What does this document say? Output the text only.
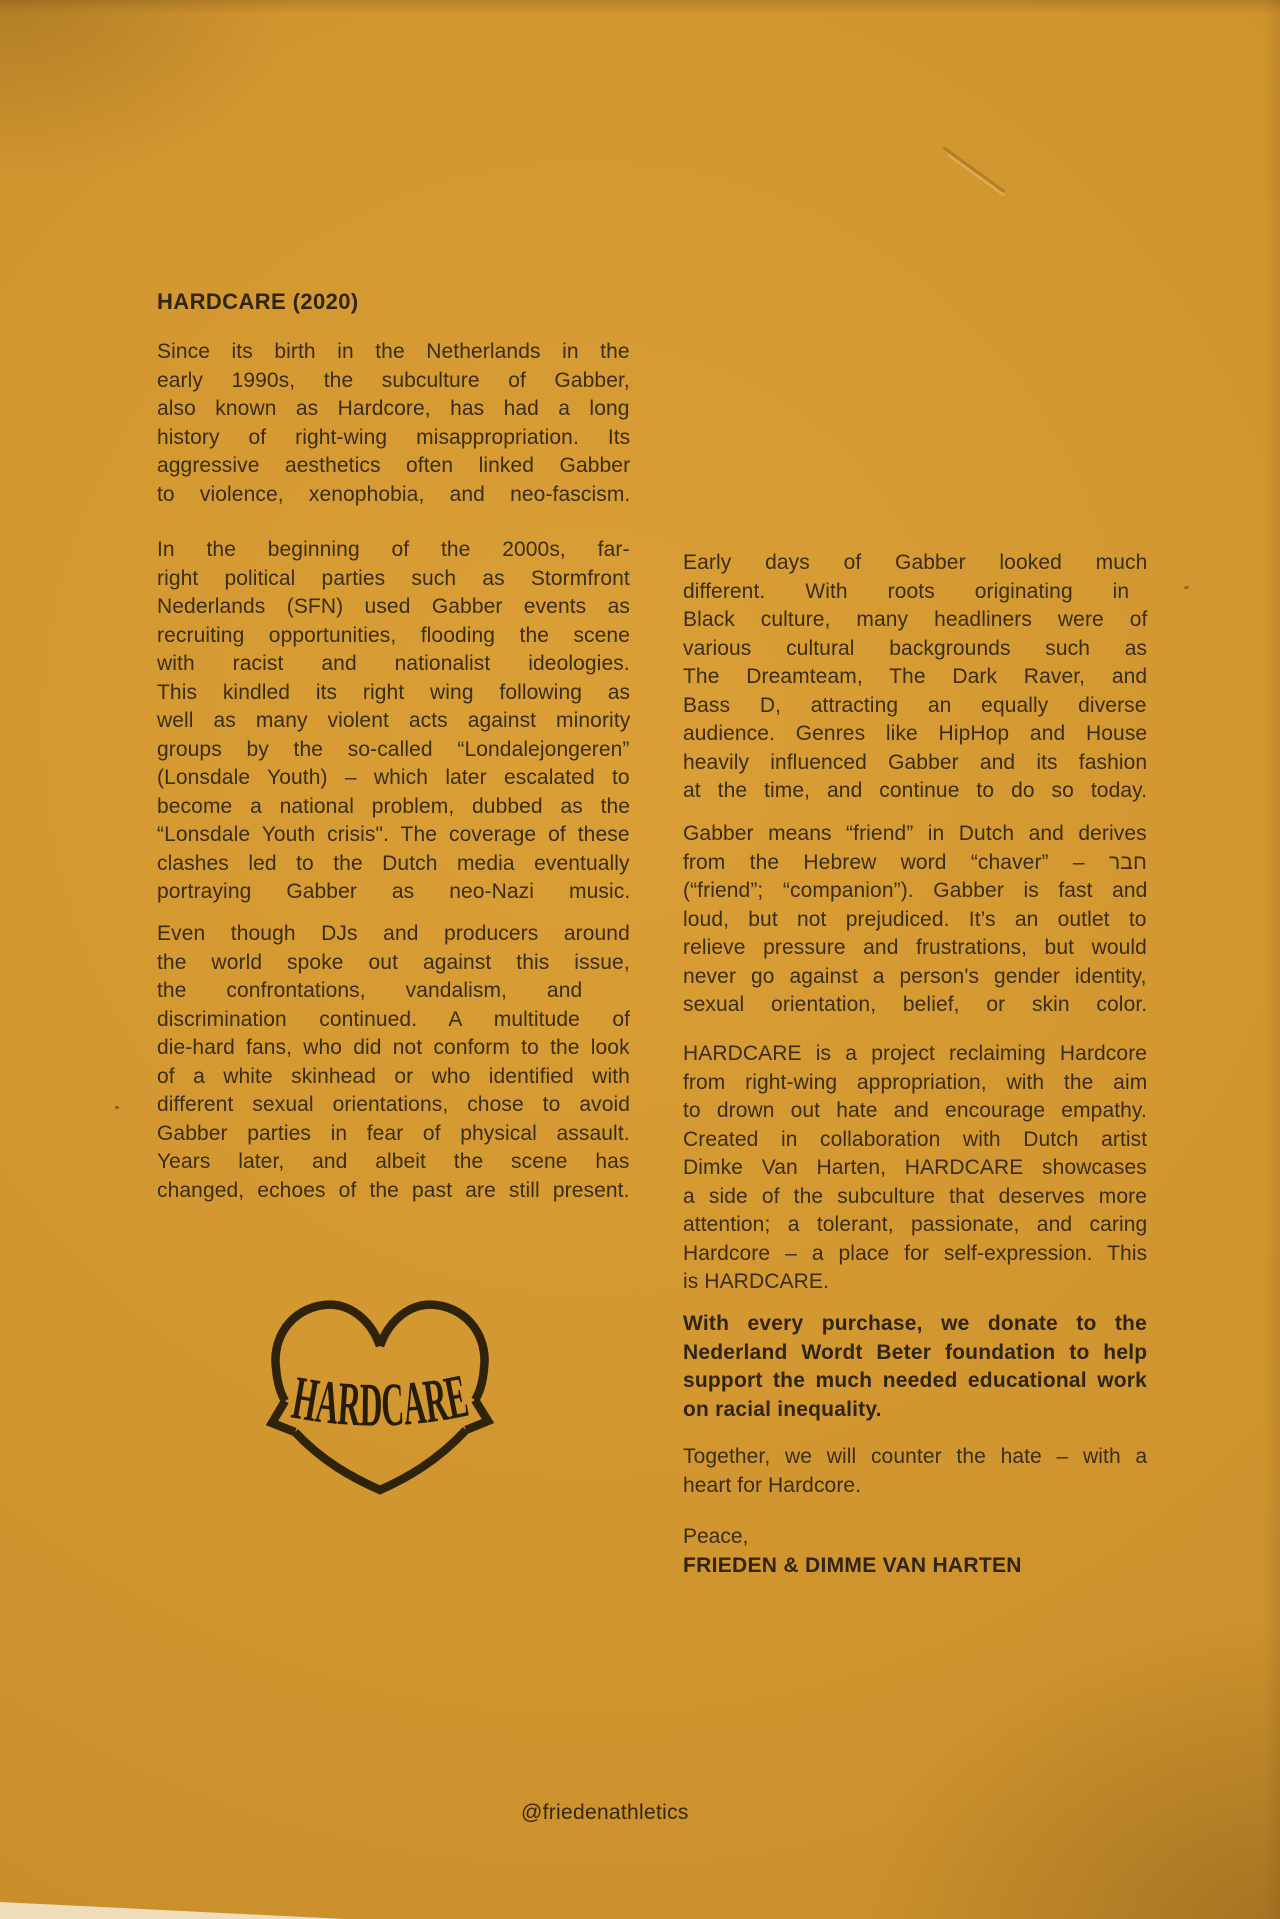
HARDCARE (2020)
Since its birth in the Netherlands in the
early 1990s, the subculture of Gabber,
also known as Hardcore, has had a long
history of right-wing misappropriation. Its
aggressive aesthetics often linked Gabber
to violence, xenophobia, and neo-fascism.
In the beginning of the 2000s, far-
right political parties such as Stormfront
Nederlands (SFN) used Gabber events as
recruiting opportunities, flooding the scene
with racist and nationalist ideologies.
This kindled its right wing following as
well as many violent acts against minority
groups by the so-called “Londalejongeren”
(Lonsdale Youth) – which later escalated to
become a national problem, dubbed as the
“Lonsdale Youth crisis". The coverage of these
clashes led to the Dutch media eventually
portraying Gabber as neo-Nazi music.
Even though DJs and producers around
the world spoke out against this issue,
the confrontations, vandalism, and
discrimination continued. A multitude of
die-hard fans, who did not conform to the look
of a white skinhead or who identified with
different sexual orientations, chose to avoid
Gabber parties in fear of physical assault.
Years later, and albeit the scene has
changed, echoes of the past are still present.
Early days of Gabber looked much
different. With roots originating in
Black culture, many headliners were of
various cultural backgrounds such as
The Dreamteam, The Dark Raver, and
Bass D, attracting an equally diverse
audience. Genres like HipHop and House
heavily influenced Gabber and its fashion
at the time, and continue to do so today.
Gabber means “friend” in Dutch and derives
from the Hebrew word “chaver” – חבר
(“friend”; “companion”). Gabber is fast and
loud, but not prejudiced. It’s an outlet to
relieve pressure and frustrations, but would
never go against a person's gender identity,
sexual orientation, belief, or skin color.
HARDCARE is a project reclaiming Hardcore
from right-wing appropriation, with the aim
to drown out hate and encourage empathy.
Created in collaboration with Dutch artist
Dimke Van Harten, HARDCARE showcases
a side of the subculture that deserves more
attention; a tolerant, passionate, and caring
Hardcore – a place for self-expression. This
is HARDCARE.
With every purchase, we donate to the
Nederland Wordt Beter foundation to help
support the much needed educational work
on racial inequality.
Together, we will counter the hate – with a
heart for Hardcore.
Peace,
FRIEDEN & DIMME VAN HARTEN
HARDCARE
@friedenathletics
